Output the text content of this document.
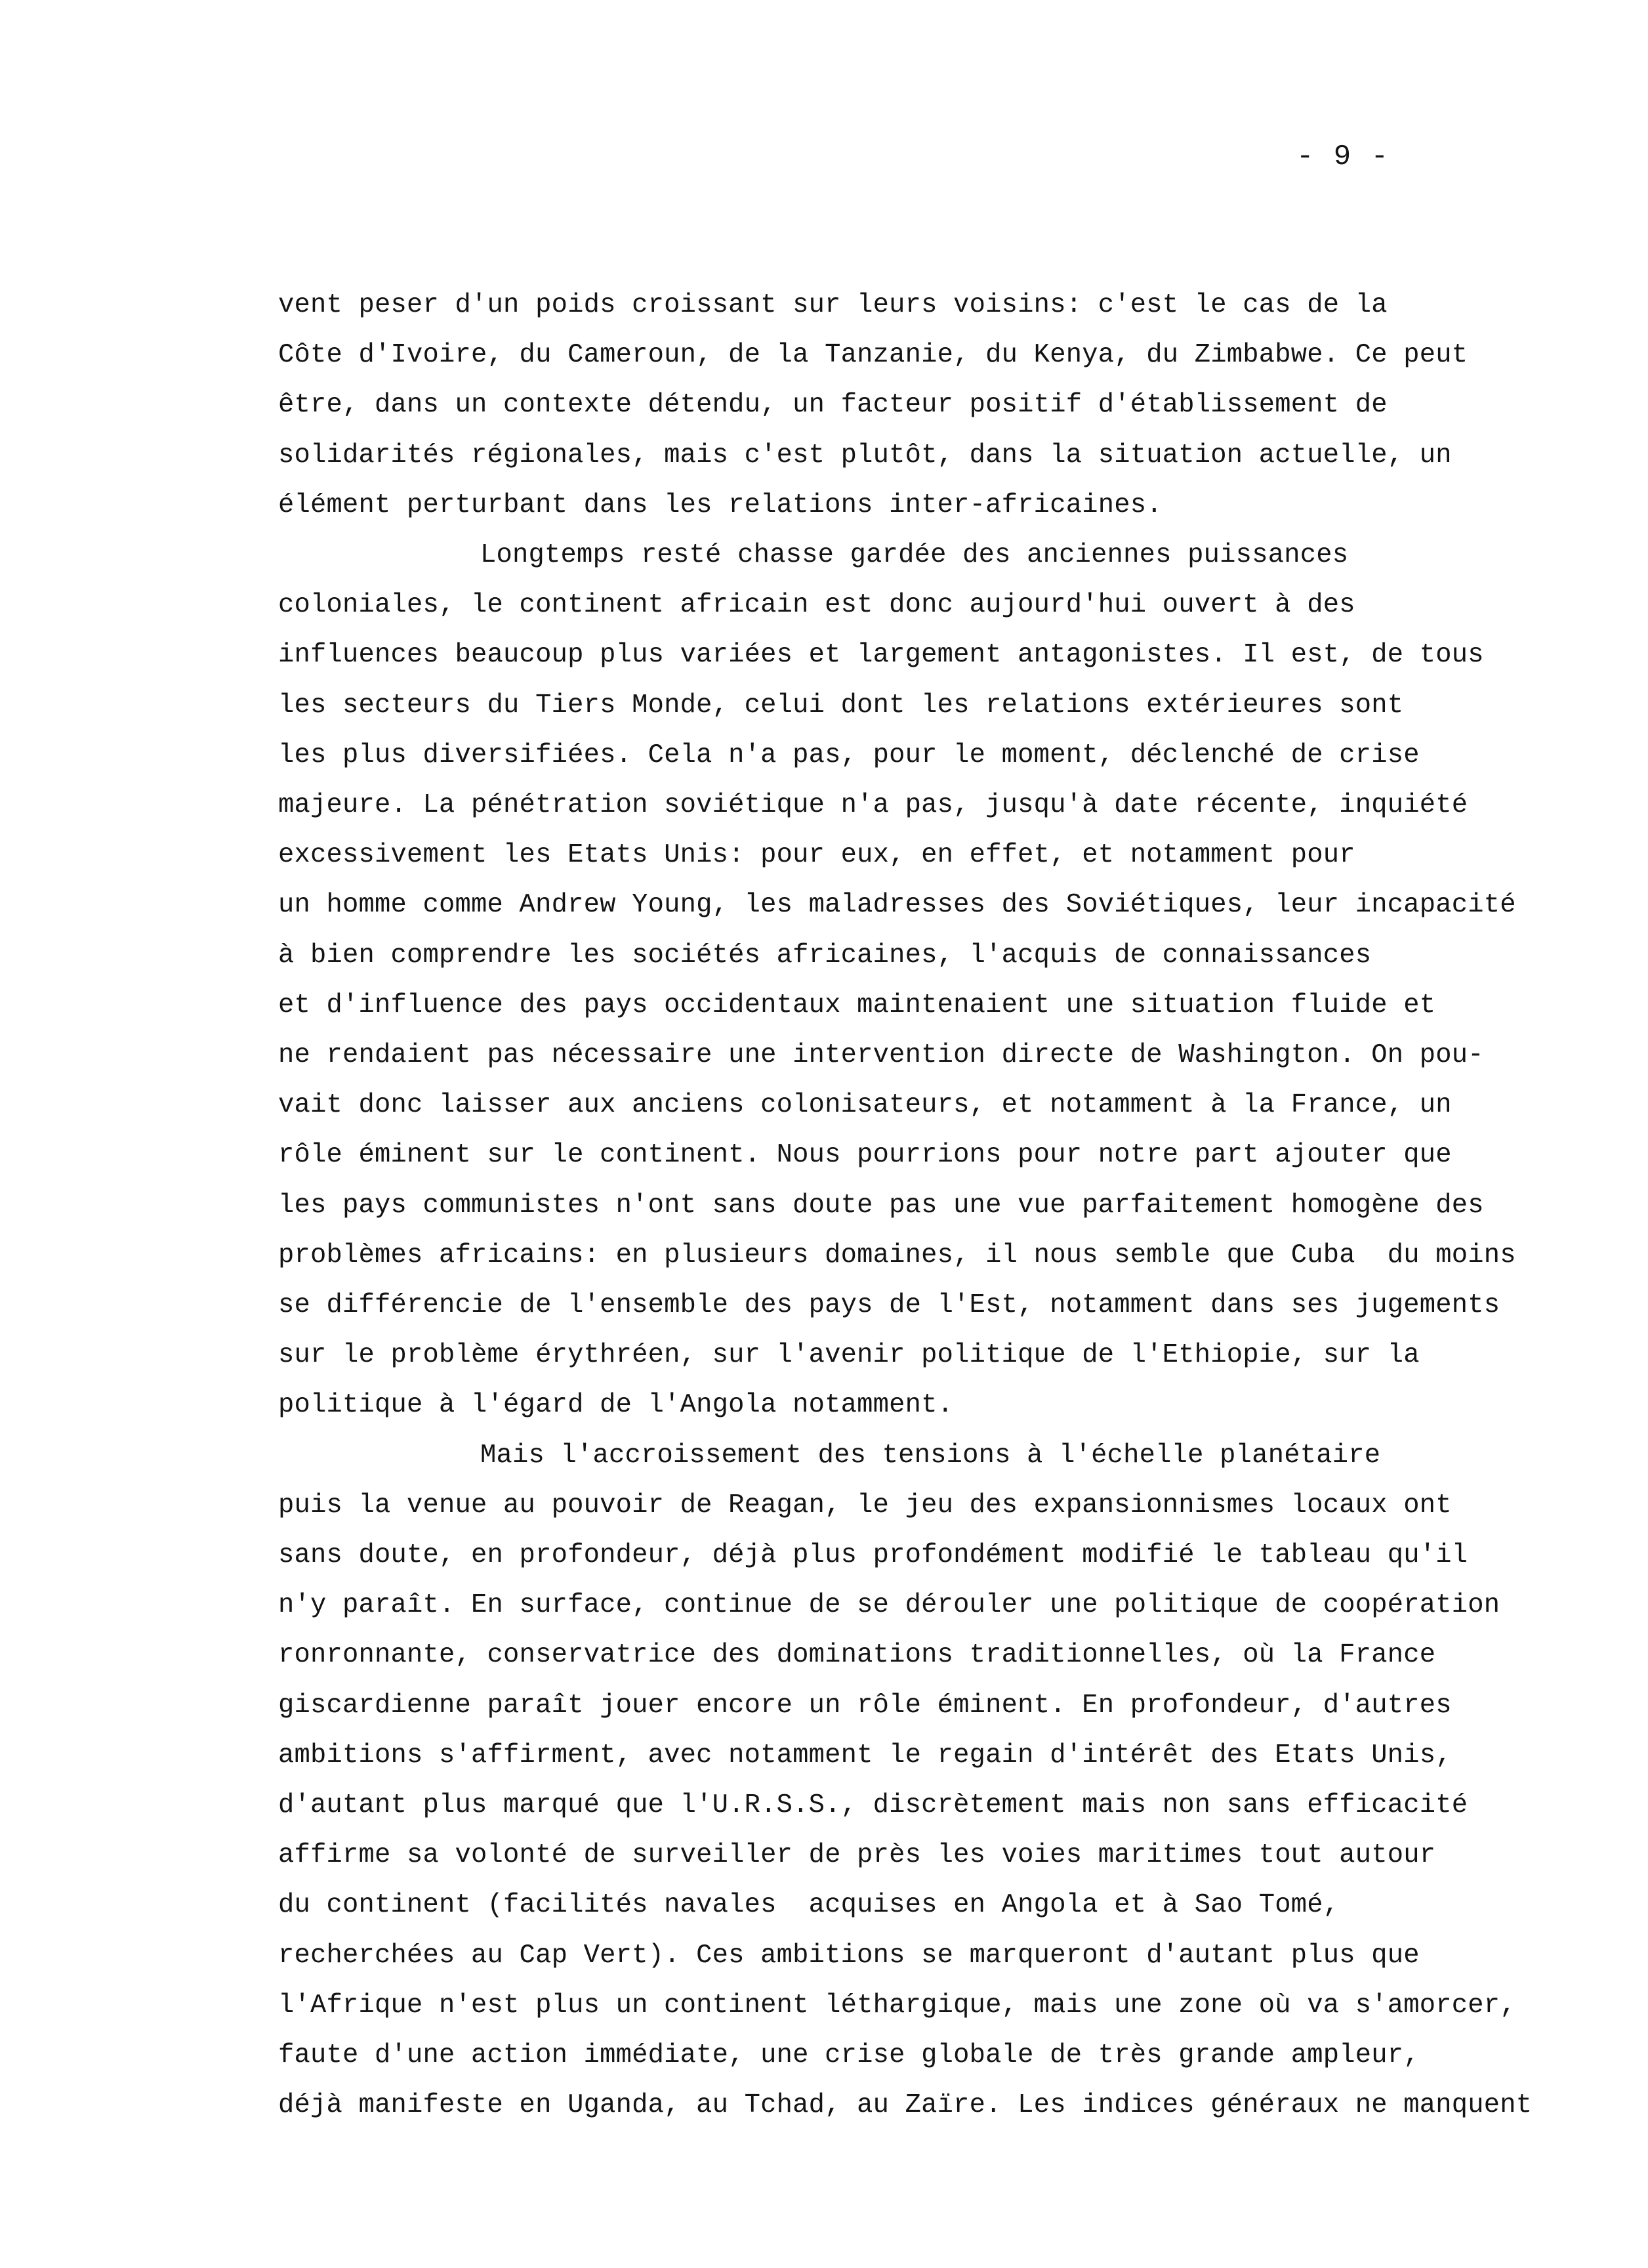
- 9 -
vent peser d'un poids croissant sur leurs voisins: c'est le cas de la
Côte d'Ivoire, du Cameroun, de la Tanzanie, du Kenya, du Zimbabwe. Ce peut
être, dans un contexte détendu, un facteur positif d'établissement de
solidarités régionales, mais c'est plutôt, dans la situation actuelle, un
élément perturbant dans les relations inter-africaines.
Longtemps resté chasse gardée des anciennes puissances
coloniales, le continent africain est donc aujourd'hui ouvert à des
influences beaucoup plus variées et largement antagonistes. Il est, de tous
les secteurs du Tiers Monde, celui dont les relations extérieures sont
les plus diversifiées. Cela n'a pas, pour le moment, déclenché de crise
majeure. La pénétration soviétique n'a pas, jusqu'à date récente, inquiété
excessivement les Etats Unis: pour eux, en effet, et notamment pour
un homme comme Andrew Young, les maladresses des Soviétiques, leur incapacité
à bien comprendre les sociétés africaines, l'acquis de connaissances
et d'influence des pays occidentaux maintenaient une situation fluide et
ne rendaient pas nécessaire une intervention directe de Washington. On pou-
vait donc laisser aux anciens colonisateurs, et notamment à la France, un
rôle éminent sur le continent. Nous pourrions pour notre part ajouter que
les pays communistes n'ont sans doute pas une vue parfaitement homogène des
problèmes africains: en plusieurs domaines, il nous semble que Cuba  du moins
se différencie de l'ensemble des pays de l'Est, notamment dans ses jugements
sur le problème érythréen, sur l'avenir politique de l'Ethiopie, sur la
politique à l'égard de l'Angola notamment.
Mais l'accroissement des tensions à l'échelle planétaire
puis la venue au pouvoir de Reagan, le jeu des expansionnismes locaux ont
sans doute, en profondeur, déjà plus profondément modifié le tableau qu'il
n'y paraît. En surface, continue de se dérouler une politique de coopération
ronronnante, conservatrice des dominations traditionnelles, où la France
giscardienne paraît jouer encore un rôle éminent. En profondeur, d'autres
ambitions s'affirment, avec notamment le regain d'intérêt des Etats Unis,
d'autant plus marqué que l'U.R.S.S., discrètement mais non sans efficacité
affirme sa volonté de surveiller de près les voies maritimes tout autour
du continent (facilités navales  acquises en Angola et à Sao Tomé,
recherchées au Cap Vert). Ces ambitions se marqueront d'autant plus que
l'Afrique n'est plus un continent léthargique, mais une zone où va s'amorcer,
faute d'une action immédiate, une crise globale de très grande ampleur,
déjà manifeste en Uganda, au Tchad, au Zaïre. Les indices généraux ne manquent
